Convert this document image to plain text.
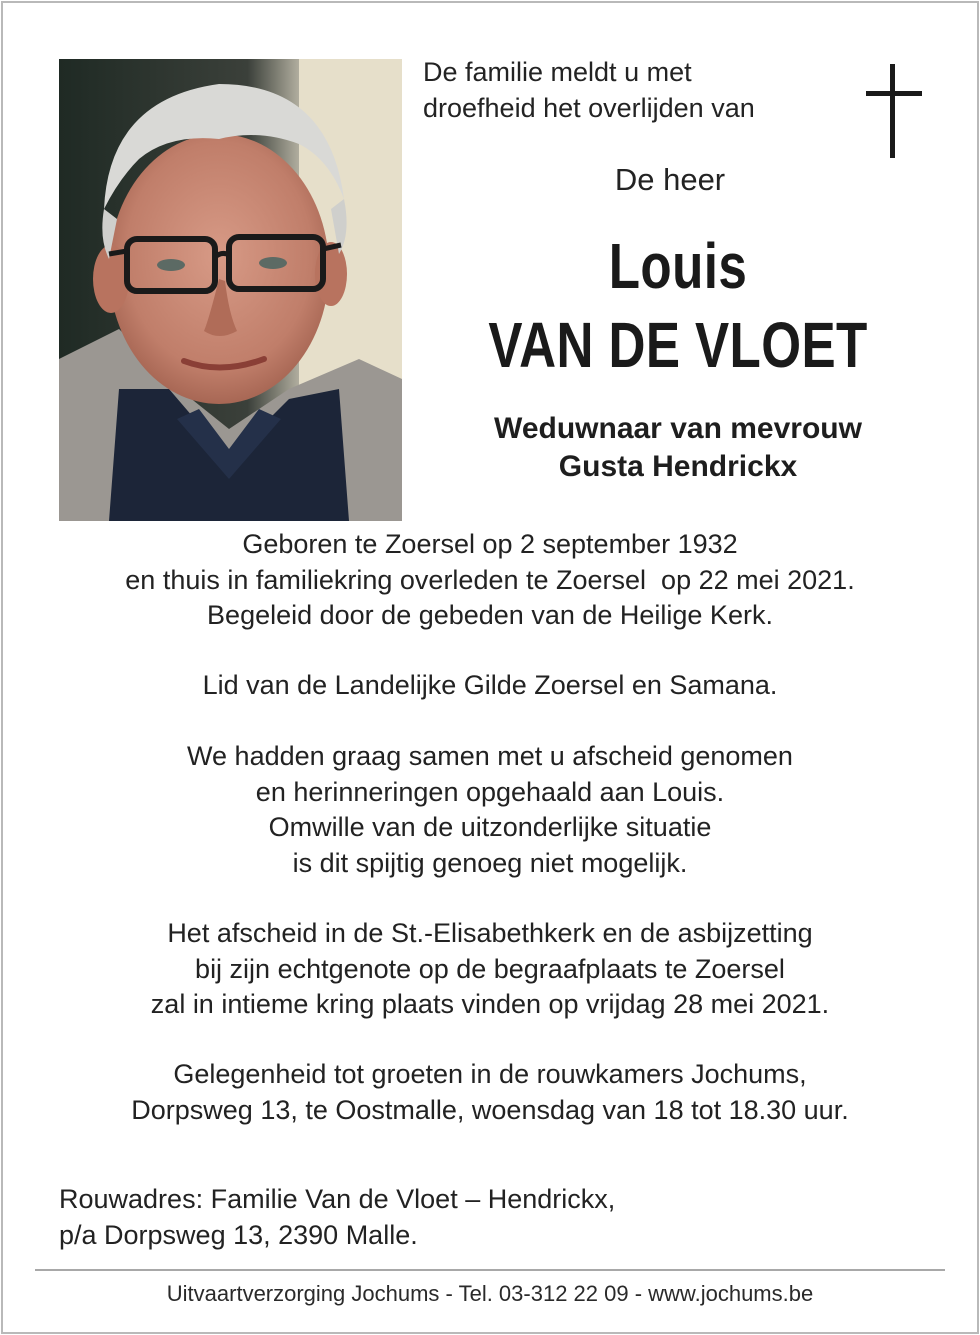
De familie meldt u met
droefheid het overlijden van
De heer
Louis
VAN DE VLOET
Weduwnaar van mevrouw
Gusta Hendrickx
Geboren te Zoersel op 2 september 1932
en thuis in familiekring overleden te Zoersel  op 22 mei 2021.
Begeleid door de gebeden van de Heilige Kerk.
Lid van de Landelijke Gilde Zoersel en Samana.
We hadden graag samen met u afscheid genomen
en herinneringen opgehaald aan Louis.
Omwille van de uitzonderlijke situatie
is dit spijtig genoeg niet mogelijk.
Het afscheid in de St.-Elisabethkerk en de asbijzetting
bij zijn echtgenote op de begraafplaats te Zoersel
zal in intieme kring plaats vinden op vrijdag 28 mei 2021.
Gelegenheid tot groeten in de rouwkamers Jochums,
Dorpsweg 13, te Oostmalle, woensdag van 18 tot 18.30 uur.
Rouwadres: Familie Van de Vloet – Hendrickx,
p/a Dorpsweg 13, 2390 Malle.
Uitvaartverzorging Jochums - Tel. 03-312 22 09 - www.jochums.be
